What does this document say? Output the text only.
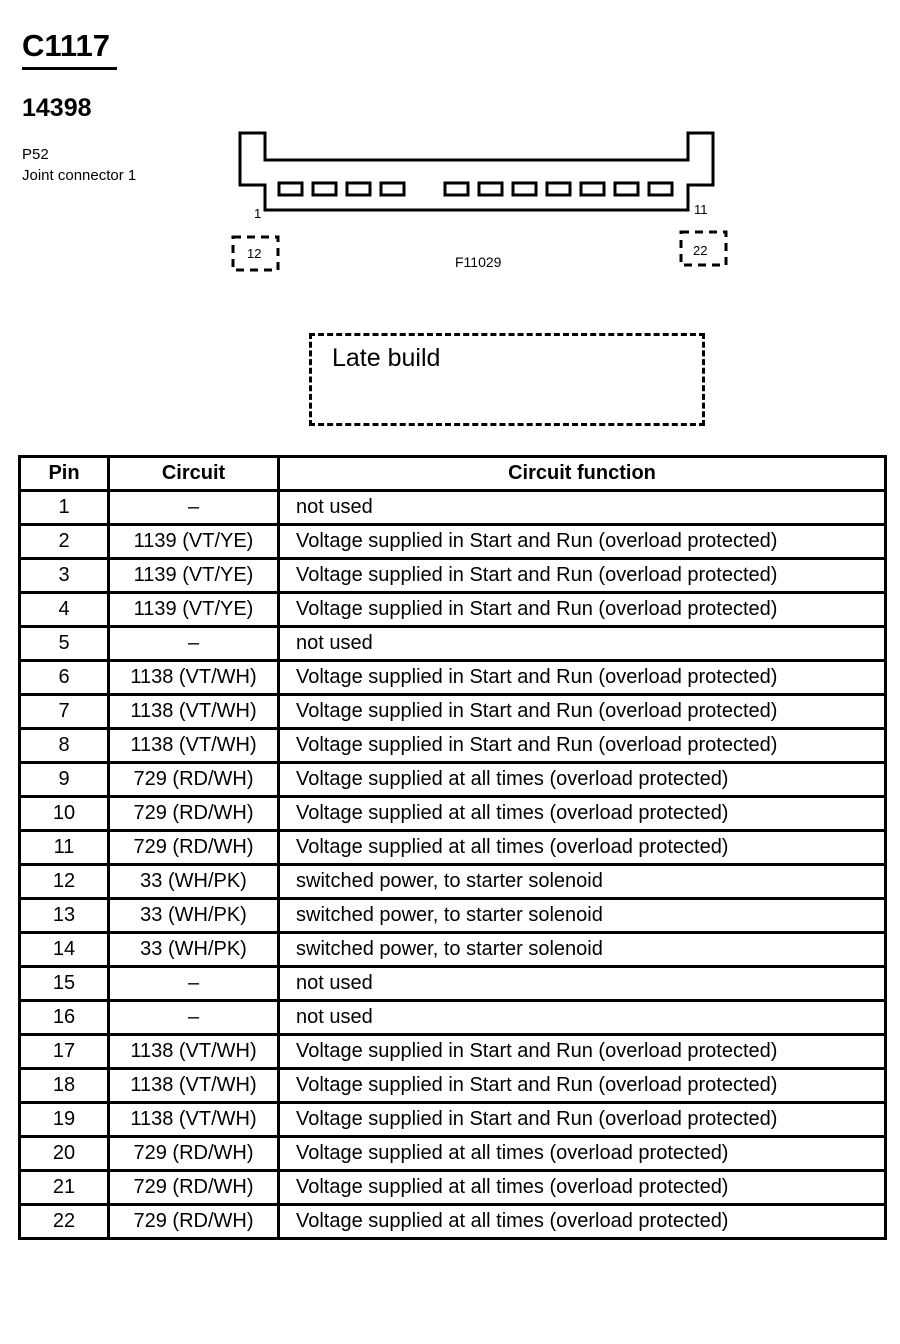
C1117
14398
P52
Joint connector 1
1	11
12	22
F11029
Late build
Pin	Circuit	Circuit function
1	–	not used
2	1139 (VT/YE)	Voltage supplied in Start and Run (overload protected)
3	1139 (VT/YE)	Voltage supplied in Start and Run (overload protected)
4	1139 (VT/YE)	Voltage supplied in Start and Run (overload protected)
5	–	not used
6	1138 (VT/WH)	Voltage supplied in Start and Run (overload protected)
7	1138 (VT/WH)	Voltage supplied in Start and Run (overload protected)
8	1138 (VT/WH)	Voltage supplied in Start and Run (overload protected)
9	729 (RD/WH)	Voltage supplied at all times (overload protected)
10	729 (RD/WH)	Voltage supplied at all times (overload protected)
11	729 (RD/WH)	Voltage supplied at all times (overload protected)
12	33 (WH/PK)	switched power, to starter solenoid
13	33 (WH/PK)	switched power, to starter solenoid
14	33 (WH/PK)	switched power, to starter solenoid
15	–	not used
16	–	not used
17	1138 (VT/WH)	Voltage supplied in Start and Run (overload protected)
18	1138 (VT/WH)	Voltage supplied in Start and Run (overload protected)
19	1138 (VT/WH)	Voltage supplied in Start and Run (overload protected)
20	729 (RD/WH)	Voltage supplied at all times (overload protected)
21	729 (RD/WH)	Voltage supplied at all times (overload protected)
22	729 (RD/WH)	Voltage supplied at all times (overload protected)
